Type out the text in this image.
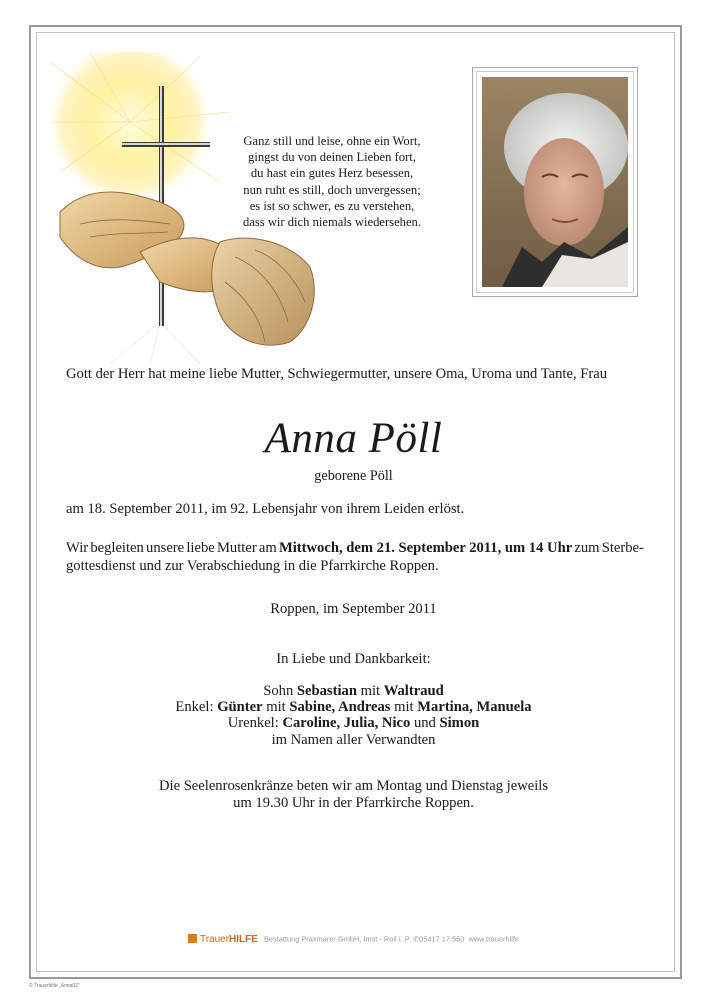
Ganz still und leise, ohne ein Wort,
gingst du von deinen Lieben fort,
du hast ein gutes Herz besessen,
nun ruht es still, doch unvergessen;
es ist so schwer, es zu verstehen,
dass wir dich niemals wiedersehen.
Gott der Herr hat meine liebe Mutter, Schwiegermutter, unsere Oma, Uroma und Tante, Frau
Anna Pöll
geborene Pöll
am 18. September 2011, im 92. Lebensjahr von ihrem Leiden erlöst.
Wir begleiten unsere liebe Mutter am Mittwoch, dem 21. September 2011, um 14 Uhr zum Sterbe-
gottesdienst und zur Verabschiedung in die Pfarrkirche Roppen.
Roppen, im September 2011
In Liebe und Dankbarkeit:
Sohn Sebastian mit Waltraud
Enkel: Günter mit Sabine, Andreas mit Martina, Manuela
Urenkel: Caroline, Julia, Nico und Simon
im Namen aller Verwandten
Die Seelenrosenkränze beten wir am Montag und Dienstag jeweils
um 19.30 Uhr in der Pfarrkirche Roppen.
TrauerHILFE Bestattung Praxmarer GmbH, Imst - Roil I. P. ✆05417 17 550 www.trauerhilfe
© Trauerhilfe „Anna02”
